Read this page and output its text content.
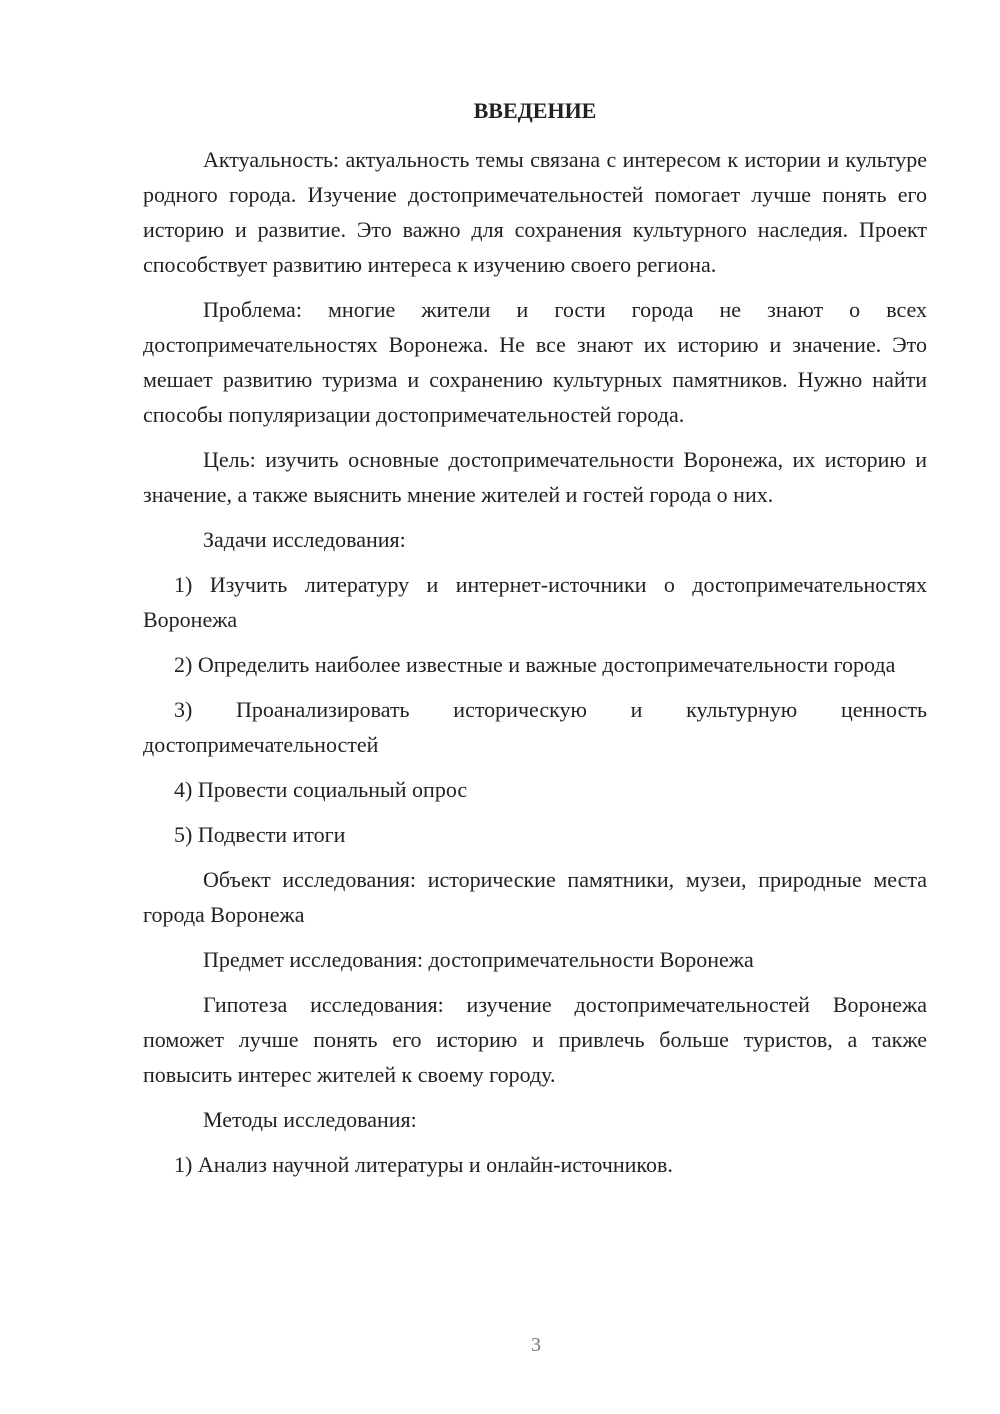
ВВЕДЕНИЕ

Актуальность: актуальность темы связана с интересом к истории и культуре родного города. Изучение достопримечательностей помогает лучше понять его историю и развитие. Это важно для сохранения культурного наследия. Проект способствует развитию интереса к изучению своего региона.

Проблема: многие жители и гости города не знают о всех достопримечательностях Воронежа. Не все знают их историю и значение. Это мешает развитию туризма и сохранению культурных памятников. Нужно найти способы популяризации достопримечательностей города.

Цель: изучить основные достопримечательности Воронежа, их историю и значение, а также выяснить мнение жителей и гостей города о них.

Задачи исследования:

1) Изучить литературу и интернет-источники о достопримечательностях Воронежа

2) Определить наиболее известные и важные достопримечательности города

3) Проанализировать историческую и культурную ценность достопримечательностей

4) Провести социальный опрос

5) Подвести итоги

Объект исследования: исторические памятники, музеи, природные места города Воронежа

Предмет исследования: достопримечательности Воронежа

Гипотеза исследования: изучение достопримечательностей Воронежа поможет лучше понять его историю и привлечь больше туристов, а также повысить интерес жителей к своему городу.

Методы исследования:

1) Анализ научной литературы и онлайн-источников.

3
